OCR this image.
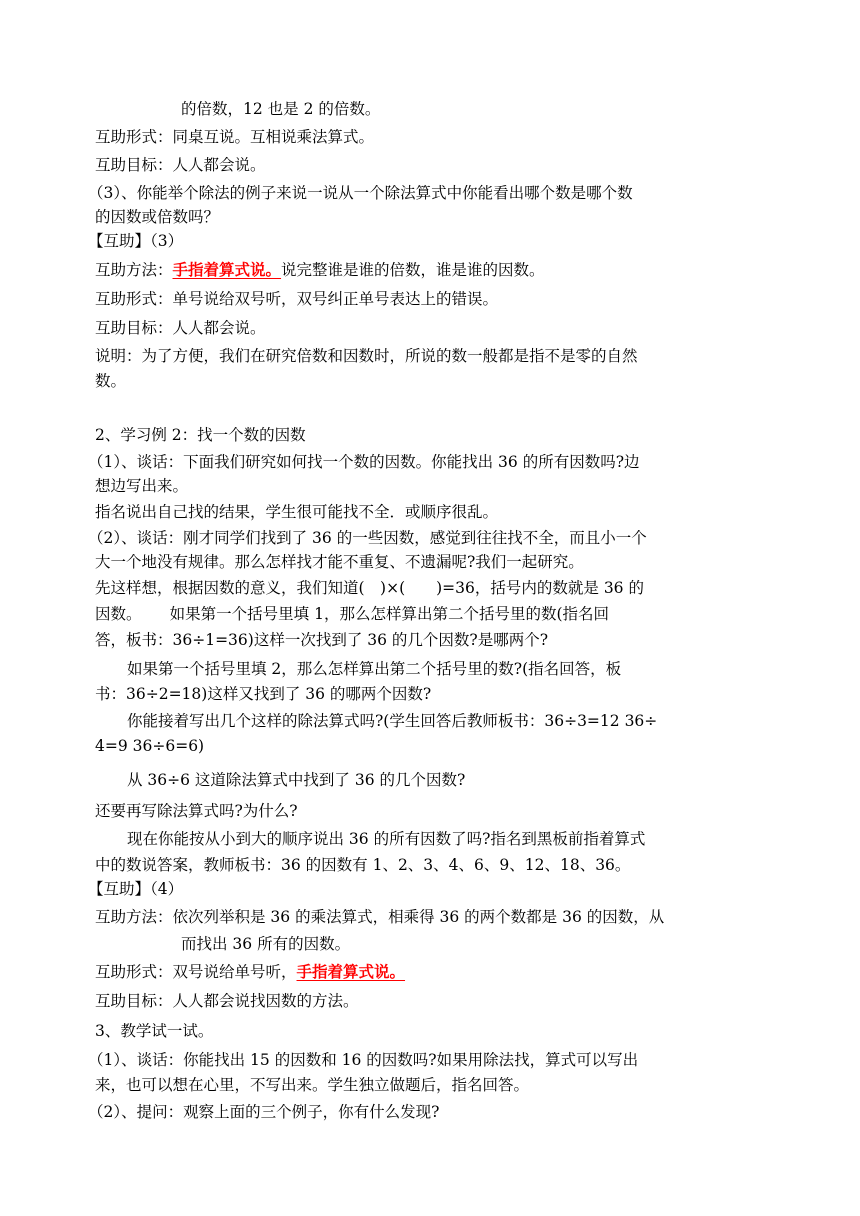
的倍数，12 也是 2 的倍数。
互助形式：同桌互说。互相说乘法算式。
互助目标：人人都会说。
（3）、你能举个除法的例子来说一说从一个除法算式中你能看出哪个数是哪个数
的因数或倍数吗？
【互助】（3）
互助方法：手指着算式说。说完整谁是谁的倍数，谁是谁的因数。
互助形式：单号说给双号听，双号纠正单号表达上的错误。
互助目标：人人都会说。
说明：为了方便，我们在研究倍数和因数时，所说的数一般都是指不是零的自然
数。
2、学习例 2：找一个数的因数
（1）、谈话：下面我们研究如何找一个数的因数。你能找出 36 的所有因数吗?边
想边写出来。
指名说出自己找的结果，学生很可能找不全．或顺序很乱。
（2）、谈话：刚才同学们找到了 36 的一些因数，感觉到往往找不全，而且小一个
大一个地没有规律。那么怎样找才能不重复、不遗漏呢?我们一起研究。
先这样想，根据因数的意义，我们知道(　)×(　　)=36，括号内的数就是 36 的
因数。　　 如果第一个括号里填 1，那么怎样算出第二个括号里的数(指名回
答，板书：36÷1=36)这样一次找到了 36 的几个因数?是哪两个?
如果第一个括号里填 2，那么怎样算出第二个括号里的数?(指名回答，板
书：36÷2=18)这样又找到了 36 的哪两个因数?
你能接着写出几个这样的除法算式吗?(学生回答后教师板书：36÷3=12 36÷
4=9 36÷6=6)
从 36÷6 这道除法算式中找到了 36 的几个因数?
还要再写除法算式吗?为什么?
现在你能按从小到大的顺序说出 36 的所有因数了吗?指名到黑板前指着算式
中的数说答案，教师板书：36 的因数有 1、2、3、4、6、9、12、18、36。
【互助】（4）
互助方法：依次列举积是 36 的乘法算式，相乘得 36 的两个数都是 36 的因数，从
而找出 36 所有的因数。
互助形式：双号说给单号听，手指着算式说。
互助目标：人人都会说找因数的方法。
3、教学试一试。
（1）、谈话：你能找出 15 的因数和 16 的因数吗?如果用除法找，算式可以写出
来，也可以想在心里，不写出来。学生独立做题后，指名回答。
（2）、提问：观察上面的三个例子，你有什么发现?
